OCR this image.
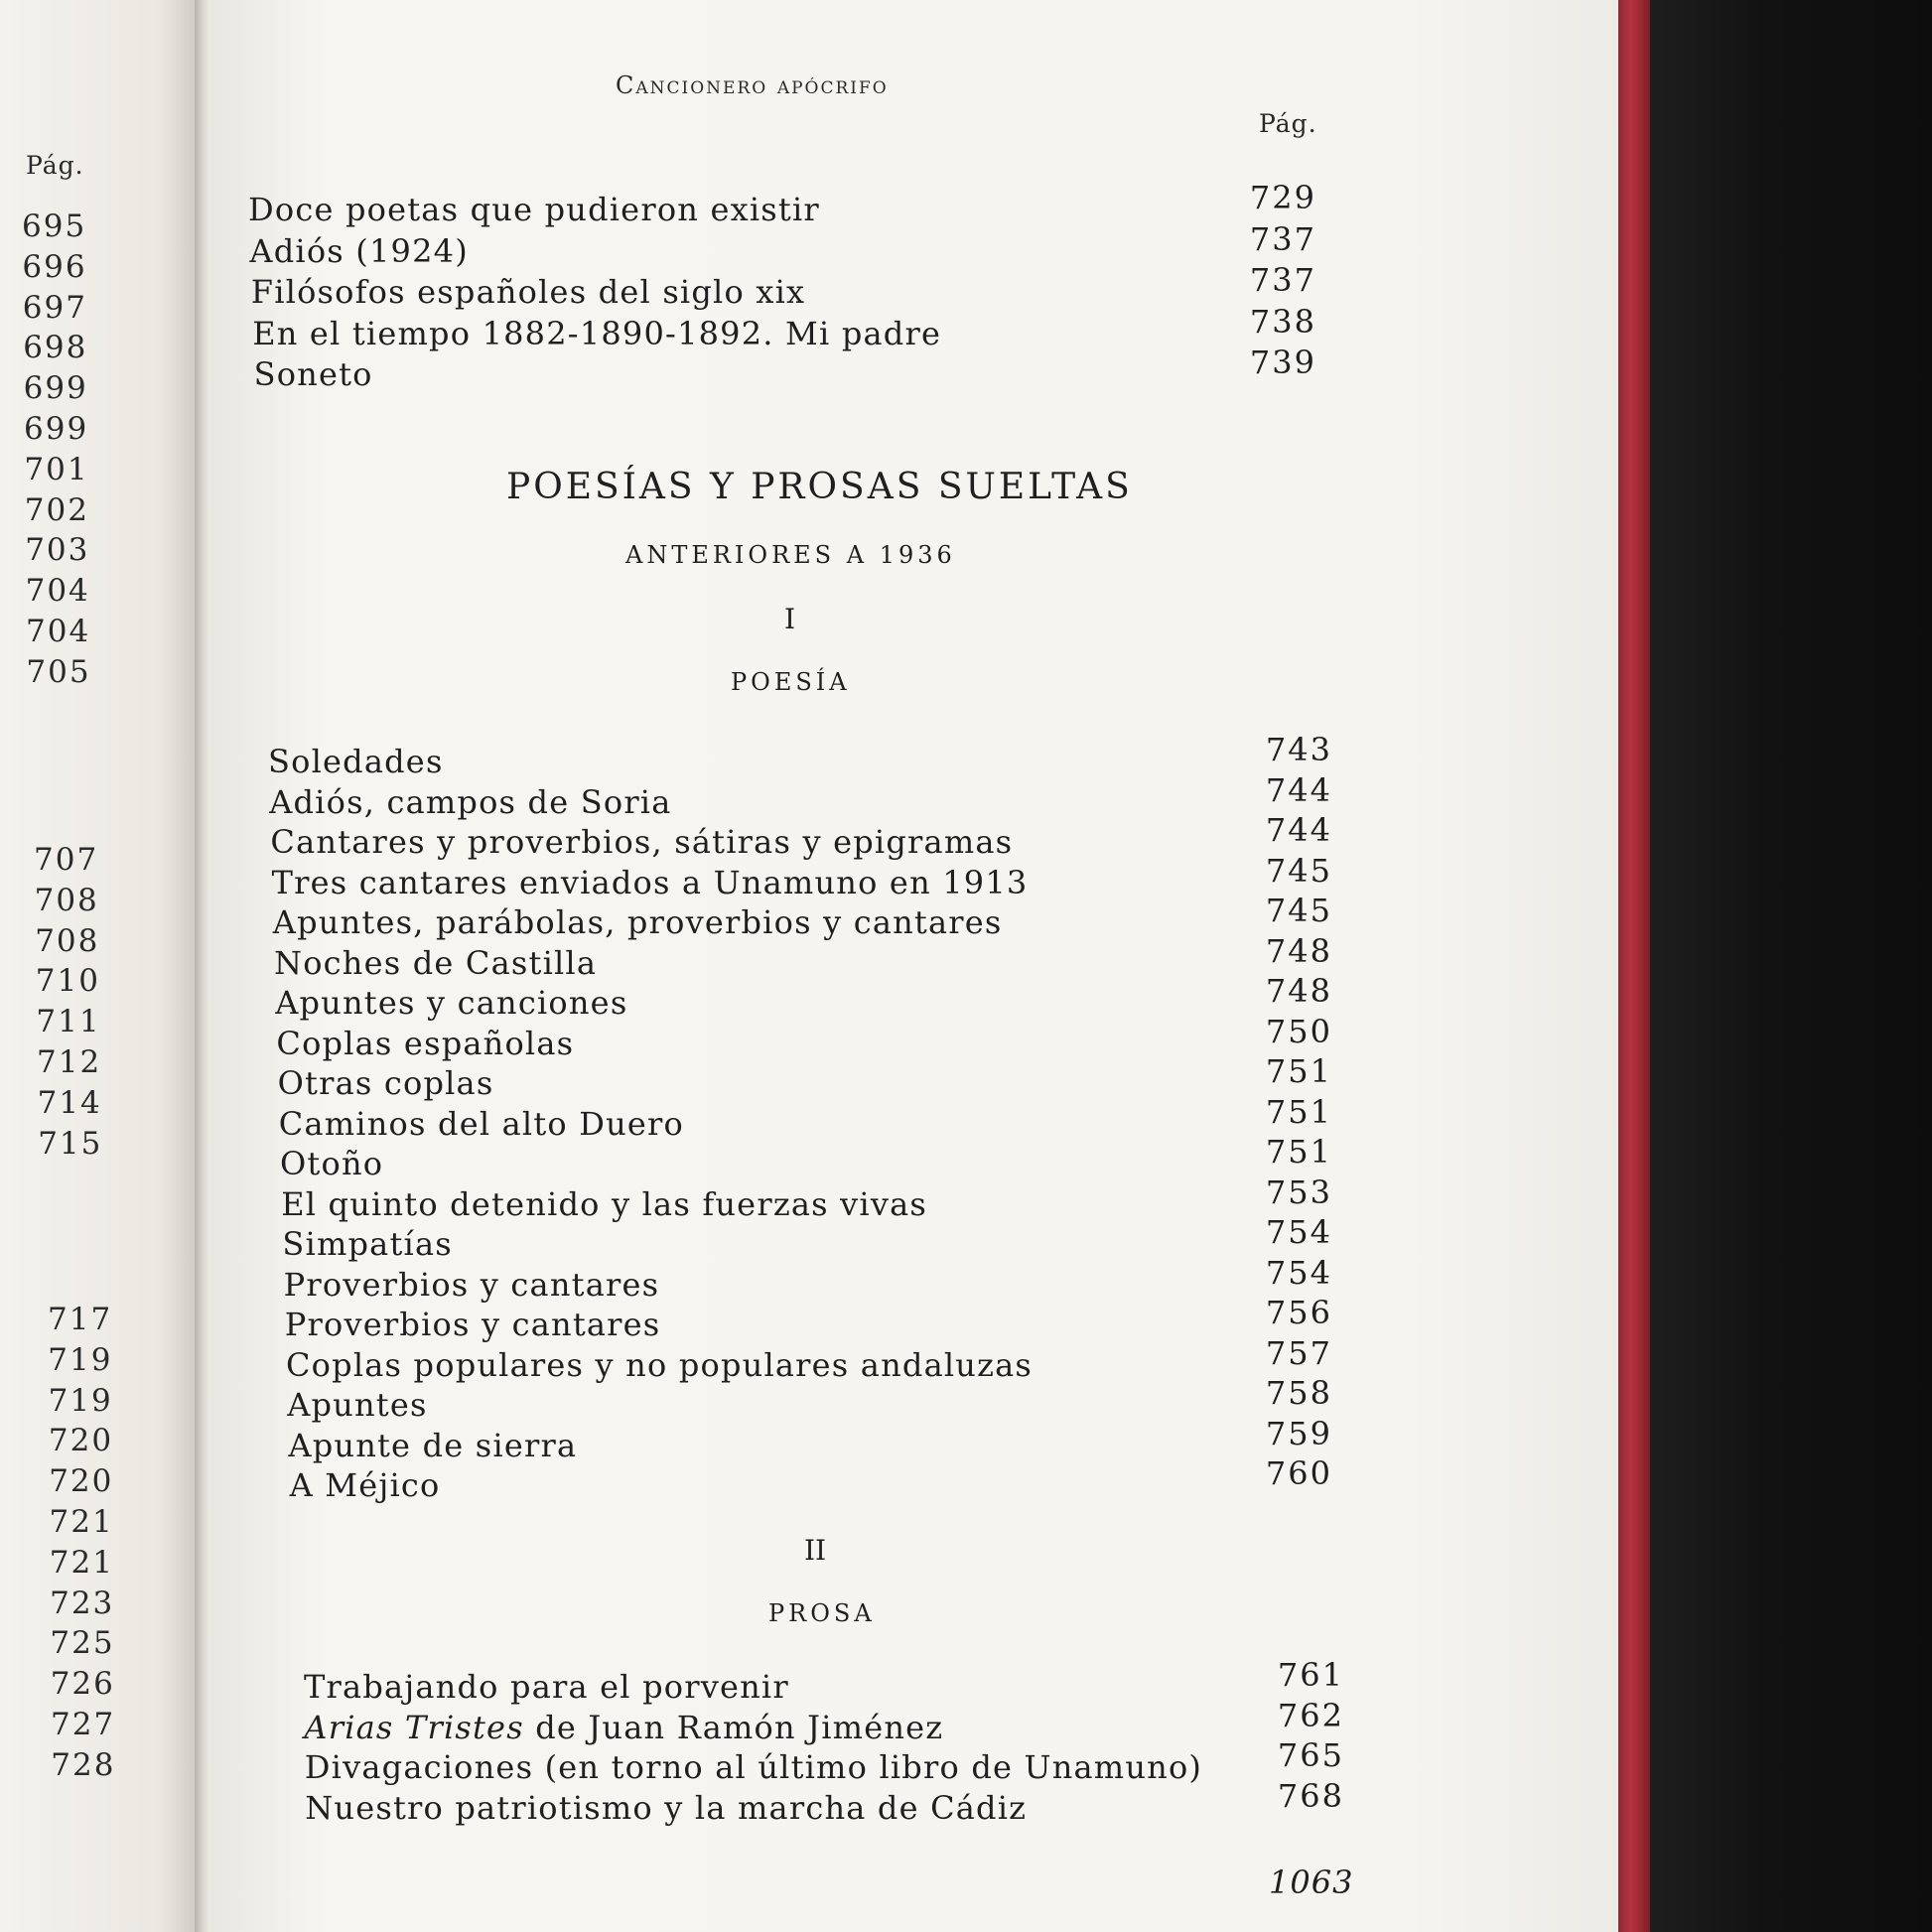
Pág.
695
696
697
698
699
699
701
702
703
704
704
705
707
708
708
710
711
712
714
715
717
719
719
720
720
721
721
723
725
726
727
728
Cancionero apócrifo
Pág.
Doce poetas que pudieron existir	729
Adiós (1924)	737
Filósofos españoles del siglo xix	737
En el tiempo 1882-1890-1892. Mi padre	738
Soneto	739
POESÍAS Y PROSAS SUELTAS
ANTERIORES A 1936
I
POESÍA
Soledades	743
Adiós, campos de Soria	744
Cantares y proverbios, sátiras y epigramas	744
Tres cantares enviados a Unamuno en 1913	745
Apuntes, parábolas, proverbios y cantares	745
Noches de Castilla	748
Apuntes y canciones	748
Coplas españolas	750
Otras coplas	751
Caminos del alto Duero	751
Otoño	751
El quinto detenido y las fuerzas vivas	753
Simpatías	754
Proverbios y cantares	754
Proverbios y cantares	756
Coplas populares y no populares andaluzas	757
Apuntes	758
Apunte de sierra	759
A Méjico	760
II
PROSA
Trabajando para el porvenir	761
Arias Tristes de Juan Ramón Jiménez	762
Divagaciones (en torno al último libro de Unamuno)	765
Nuestro patriotismo y la marcha de Cádiz	768
1063
